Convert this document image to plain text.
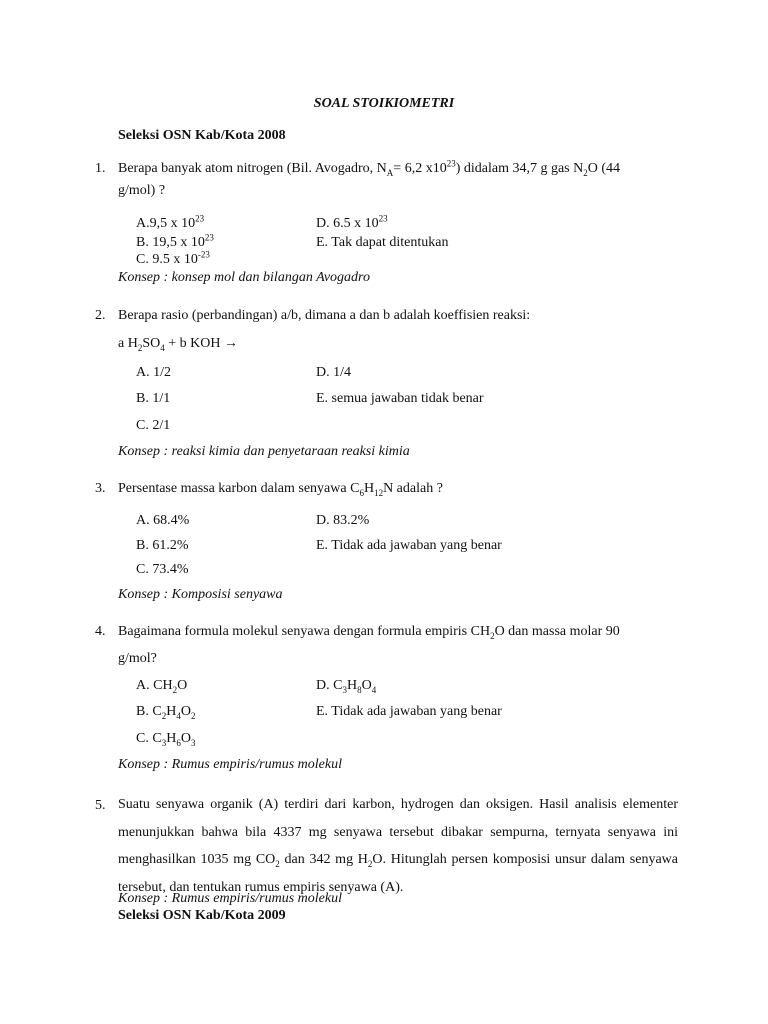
SOAL STOIKIOMETRI
Seleksi OSN Kab/Kota 2008
1. Berapa banyak atom nitrogen (Bil. Avogadro, $N_A= 6,2$ $x10^{23}$) didalam 34,7 g gas $N_2O$ (44
g/mol) ?
A.9,5 x $10^{23}$	D. 6.5 x $10^{23}$
B. 19,5 x $10^{23}$	E. Tak dapat ditentukan
C. 9.5 x $10^{-23}$
Konsep : konsep mol dan bilangan Avogadro
2. Berapa rasio (perbandingan) a/b, dimana a dan b adalah koeffisien reaksi:
a $H_2SO_4 + b$ KOH →
A. 1/2	D. 1/4
B. 1/1	E. semua jawaban tidak benar
C. 2/1
Konsep : reaksi kimia dan penyetaraan reaksi kimia
3. Persentase massa karbon dalam senyawa $C_6H_{12}N$ adalah ?
A. 68.4%	D. 83.2%
B. 61.2%	E. Tidak ada jawaban yang benar
C. 73.4%
Konsep : Komposisi senyawa
4. Bagaimana formula molekul senyawa dengan formula empiris $CH_2O$ dan massa molar 90
g/mol?
A. $CH_2O$	D. $C_3H_8O_4$
B. $C_2H_4O_2$	E. Tidak ada jawaban yang benar
C. $C_3H_6O_3$
Konsep : Rumus empiris/rumus molekul
5. Suatu senyawa organik (A) terdiri dari karbon, hydrogen dan oksigen. Hasil analisis elementer menunjukkan bahwa bila 4337 mg senyawa tersebut dibakar sempurna, ternyata senyawa ini menghasilkan 1035 mg $CO_2$ dan 342 mg $H_2O$. Hitunglah persen komposisi unsur dalam senyawa tersebut, dan tentukan rumus empiris senyawa (A).
Konsep : Rumus empiris/rumus molekul
Seleksi OSN Kab/Kota 2009
